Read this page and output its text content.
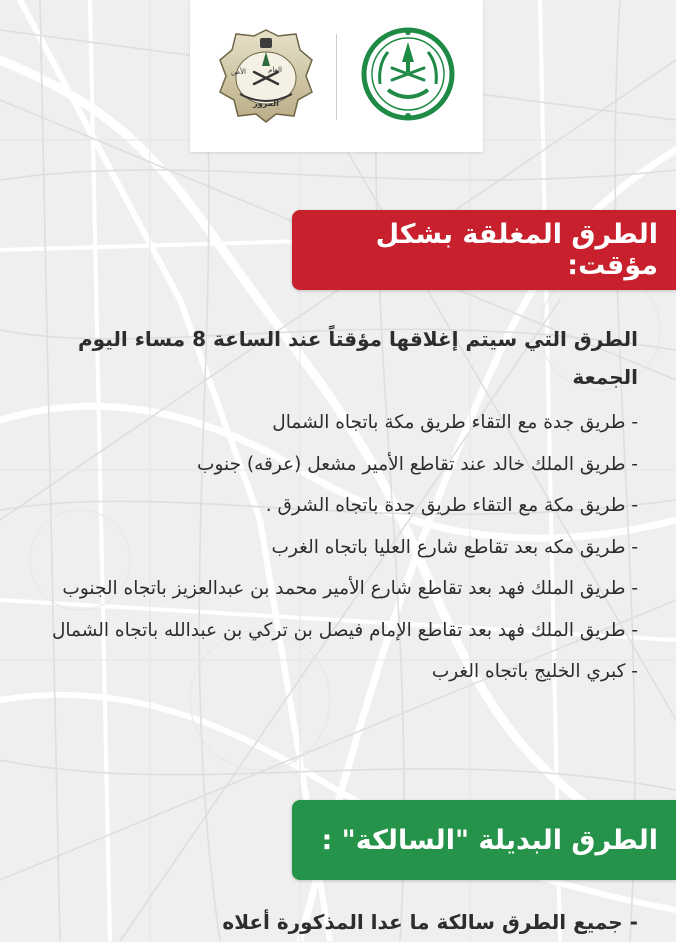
الأمن	العام
المرور
الطرق المغلقة بشكل مؤقت:

الطرق التي سيتم إغلاقها مؤقتاً عند الساعة 8 مساء اليوم الجمعة

- طريق جدة مع التقاء طريق مكة باتجاه الشمال
- طريق الملك خالد عند تقاطع الأمير مشعل (عرقه) جنوب
- طريق مكة مع التقاء طريق جدة باتجاه الشرق .
- طريق مكه بعد تقاطع شارع العليا باتجاه الغرب
- طريق الملك فهد بعد تقاطع شارع الأمير محمد بن عبدالعزيز باتجاه الجنوب
- طريق الملك فهد بعد تقاطع الإمام فيصل بن تركي بن عبدالله باتجاه الشمال
- كبري الخليج باتجاه الغرب
الطرق البديلة "السالكة" :
- جميع الطرق سالكة ما عدا المذكورة أعلاه
